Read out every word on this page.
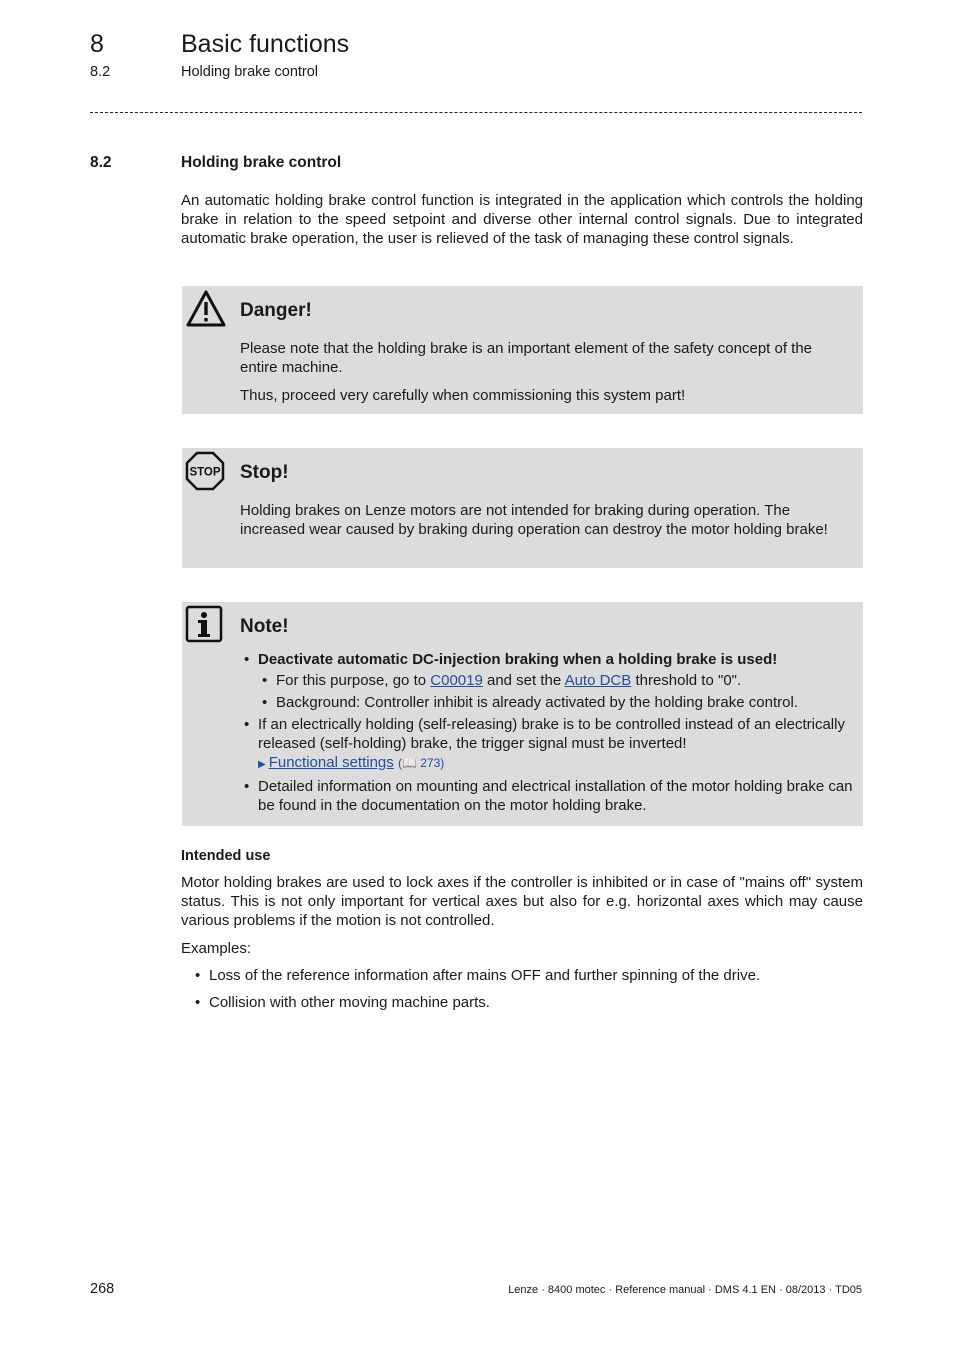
8	Basic functions
8.2	Holding brake control
8.2	Holding brake control
An automatic holding brake control function is integrated in the application which controls the holding brake in relation to the speed setpoint and diverse other internal control signals. Due to integrated automatic brake operation, the user is relieved of the task of managing these control signals.
Danger!

Please note that the holding brake is an important element of the safety concept of the entire machine.

Thus, proceed very carefully when commissioning this system part!

STOP Stop!
Holding brakes on Lenze motors are not intended for braking during operation. The increased wear caused by braking during operation can destroy the motor holding brake!
Note!
• Deactivate automatic DC-injection braking when a holding brake is used!
• For this purpose, go to C00019 and set the Auto DCB threshold to "0".
• Background: Controller inhibit is already activated by the holding brake control.
• If an electrically holding (self-releasing) brake is to be controlled instead of an electrically released (self-holding) brake, the trigger signal must be inverted!
▶ Functional settings (📖 273)
• Detailed information on mounting and electrical installation of the motor holding brake can be found in the documentation on the motor holding brake.
Intended use
Motor holding brakes are used to lock axes if the controller is inhibited or in case of "mains off" system status. This is not only important for vertical axes but also for e.g. horizontal axes which may cause various problems if the motion is not controlled.
Examples:
• Loss of the reference information after mains OFF and further spinning of the drive.
• Collision with other moving machine parts.
268	Lenze · 8400 motec · Reference manual · DMS 4.1 EN · 08/2013 · TD05
